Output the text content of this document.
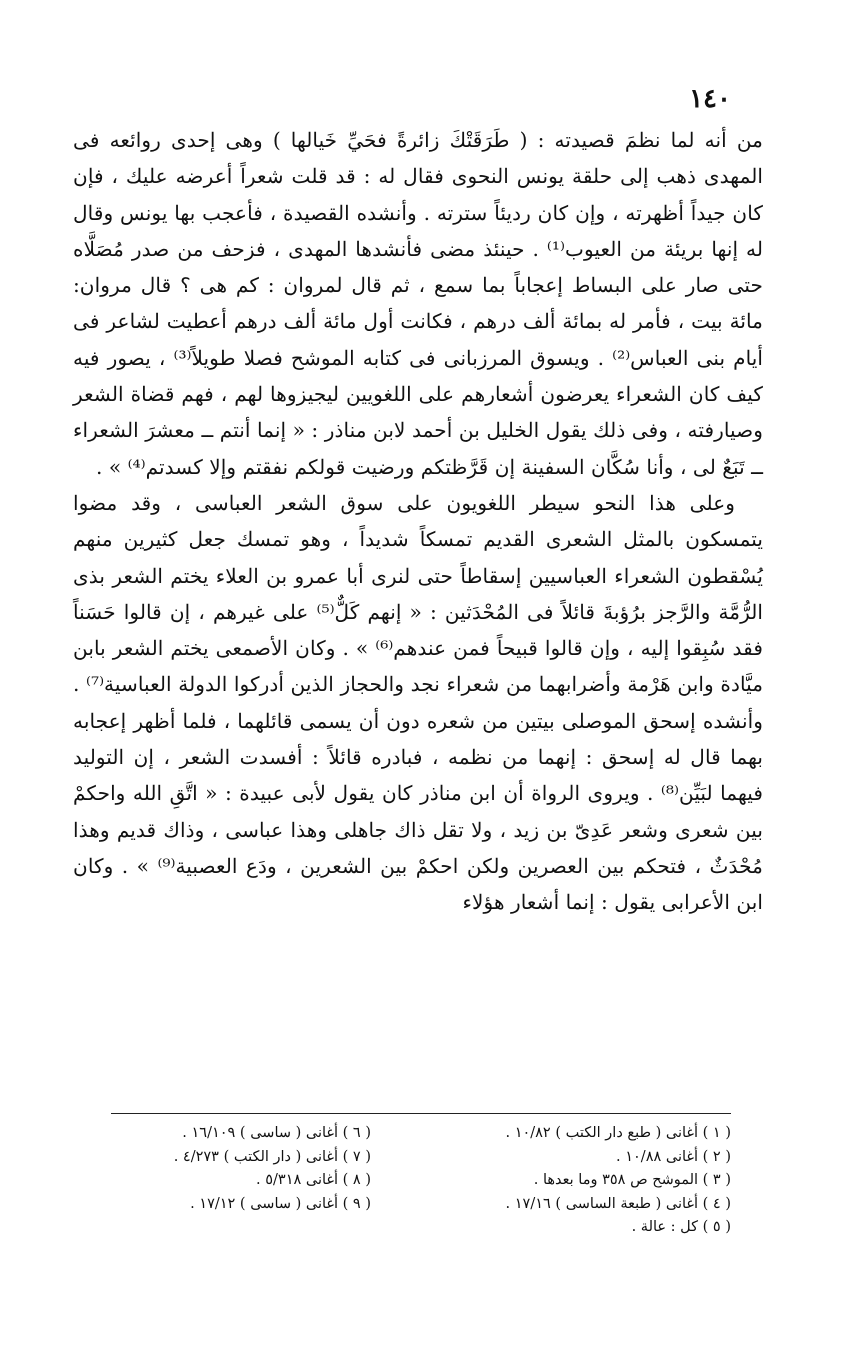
١٤٠

من أنه لما نظمَ قصيدته : ( طَرَقَتْكَ زائرةً فحَيِّ خَيالها ) وهى إحدى روائعه فى المهدى ذهب إلى حلقة يونس النحوى فقال له : قد قلت شعراً أعرضه عليك ، فإن كان جيداً أظهرته ، وإن كان رديئاً سترته . وأنشده القصيدة ، فأعجب بها يونس وقال له إنها بريئة من العيوب⁽¹⁾ . حينئذ مضى فأنشدها المهدى ، فزحف من صدر مُصَلَّاه حتى صار على البساط إعجاباً بما سمع ، ثم قال لمروان : كم هى ؟ قال مروان: مائة بيت ، فأمر له بمائة ألف درهم ، فكانت أول مائة ألف درهم أعطيت لشاعر فى أيام بنى العباس⁽²⁾ . ويسوق المرزبانى فى كتابه الموشح فصلا طويلاً⁽³⁾ ، يصور فيه كيف كان الشعراء يعرضون أشعارهم على اللغويين ليجيزوها لهم ، فهم قضاة الشعر وصيارفته ، وفى ذلك يقول الخليل بن أحمد لابن مناذر : « إنما أنتم ــ معشرَ الشعراء ــ تَبَعٌ لى ، وأنا سُكَّان السفينة إن قَرَّظتكم ورضيت قولكم نفقتم وإلا كسدتم⁽⁴⁾ » .

وعلى هذا النحو سيطر اللغويون على سوق الشعر العباسى ، وقد مضوا يتمسكون بالمثل الشعرى القديم تمسكاً شديداً ، وهو تمسك جعل كثيرين منهم يُسْقطون الشعراء العباسيين إسقاطاً حتى لنرى أبا عمرو بن العلاء يختم الشعر بذى الرُّمَّة والرَّجز برُؤبةَ قائلاً فى المُحْدَثين : « إنهم كَلٌّ⁽⁵⁾ على غيرهم ، إن قالوا حَسَناً فقد سُبِقوا إليه ، وإن قالوا قبيحاً فمن عندهم⁽⁶⁾ » . وكان الأصمعى يختم الشعر بابن ميَّادة وابن هَرْمة وأضرابهما من شعراء نجد والحجاز الذين أدركوا الدولة العباسية⁽⁷⁾ . وأنشده إسحق الموصلى بيتين من شعره دون أن يسمى قائلهما ، فلما أظهر إعجابه بهما قال له إسحق : إنهما من نظمه ، فبادره قائلاً : أفسدت الشعر ، إن التوليد فيهما لبَيِّن⁽⁸⁾ . ويروى الرواة أن ابن مناذر كان يقول لأبى عبيدة : « اتَّقِ الله واحكمْ بين شعرى وشعر عَدِىّ بن زيد ، ولا تقل ذاك جاهلى وهذا عباسى ، وذاك قديم وهذا مُحْدَثٌ ، فتحكم بين العصرين ولكن احكمْ بين الشعرين ، ودَع العصبية⁽⁹⁾ » . وكان ابن الأعرابى يقول : إنما أشعار هؤلاء

( ١ ) أغانى ( طبع دار الكتب ) ١٠/٨٢ .
( ٢ ) أغانى ١٠/٨٨ .
( ٣ ) الموشح ص ٣٥٨ وما بعدها .
( ٤ ) أغانى ( طبعة الساسى ) ١٧/١٦ .
( ٥ ) كل : عالة .
( ٦ ) أغانى ( ساسى ) ١٦/١٠٩ .
( ٧ ) أغانى ( دار الكتب ) ٤/٢٧٣ .
( ٨ ) أغانى ٥/٣١٨ .
( ٩ ) أغانى ( ساسى ) ١٧/١٢ .
